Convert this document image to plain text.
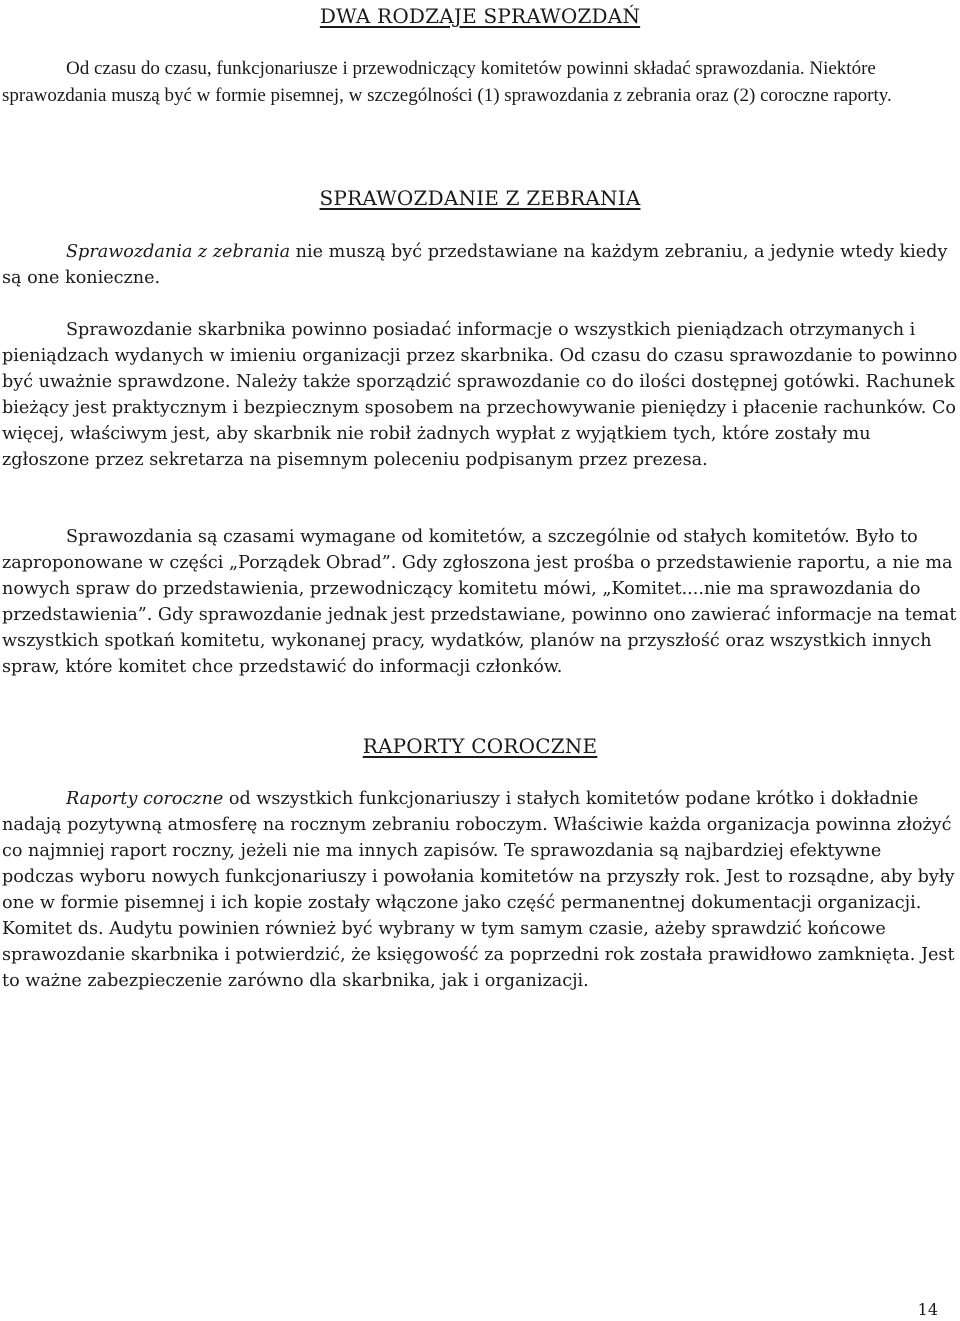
DWA RODZAJE SPRAWOZDAŃ

Od czasu do czasu, funkcjonariusze i przewodniczący komitetów powinni składać sprawozdania. Niektóre sprawozdania muszą być w formie pisemnej, w szczególności (1) sprawozdania z zebrania oraz (2) coroczne raporty.

SPRAWOZDANIE Z ZEBRANIA

Sprawozdania z zebrania nie muszą być przedstawiane na każdym zebraniu, a jedynie wtedy kiedy są one konieczne.

Sprawozdanie skarbnika powinno posiadać informacje o wszystkich pieniądzach otrzymanych i pieniądzach wydanych w imieniu organizacji przez skarbnika. Od czasu do czasu sprawozdanie to powinno być uważnie sprawdzone. Należy także sporządzić sprawozdanie co do ilości dostępnej gotówki. Rachunek bieżący jest praktycznym i bezpiecznym sposobem na przechowywanie pieniędzy i płacenie rachunków. Co więcej, właściwym jest, aby skarbnik nie robił żadnych wypłat z wyjątkiem tych, które zostały mu zgłoszone przez sekretarza na pisemnym poleceniu podpisanym przez prezesa.

Sprawozdania są czasami wymagane od komitetów, a szczególnie od stałych komitetów. Było to zaproponowane w części „Porządek Obrad”. Gdy zgłoszona jest prośba o przedstawienie raportu, a nie ma nowych spraw do przedstawienia, przewodniczący komitetu mówi, „Komitet....nie ma sprawozdania do przedstawienia”. Gdy sprawozdanie jednak jest przedstawiane, powinno ono zawierać informacje na temat wszystkich spotkań komitetu, wykonanej pracy, wydatków, planów na przyszłość oraz wszystkich innych spraw, które komitet chce przedstawić do informacji członków.

RAPORTY COROCZNE

Raporty coroczne od wszystkich funkcjonariuszy i stałych komitetów podane krótko i dokładnie nadają pozytywną atmosferę na rocznym zebraniu roboczym. Właściwie każda organizacja powinna złożyć co najmniej raport roczny, jeżeli nie ma innych zapisów. Te sprawozdania są najbardziej efektywne podczas wyboru nowych funkcjonariuszy i powołania komitetów na przyszły rok. Jest to rozsądne, aby były one w formie pisemnej i ich kopie zostały włączone jako część permanentnej dokumentacji organizacji. Komitet ds. Audytu powinien również być wybrany w tym samym czasie, ażeby sprawdzić końcowe sprawozdanie skarbnika i potwierdzić, że księgowość za poprzedni rok została prawidłowo zamknięta. Jest to ważne zabezpieczenie zarówno dla skarbnika, jak i organizacji.

14
